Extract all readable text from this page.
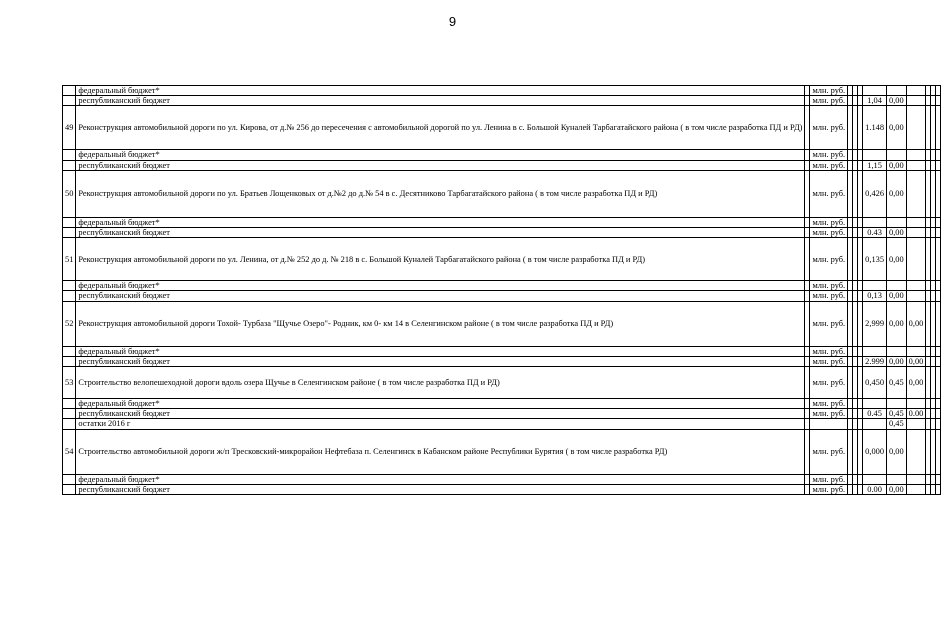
9
	федеральный бюджет*		млн. руб.									
	республиканский бюджет		млн. руб.				1,04	0,00				
49	Реконструкция автомобильной дороги по ул. Кирова, от д.№ 256 до пересечения с автомобильной дорогой по ул. Ленина в с. Большой Куналей Тарбагатайского района ( в том числе разработка ПД и РД)		млн. руб.				1.148	0,00				
	федеральный бюджет*		млн. руб.									
	республиканский бюджет		млн. руб.				1,15	0,00				
50	Реконструкция автомобильной дороги по ул. Братьев Лощенковых от д.№2 до д.№ 54 в с. Десятниково Тарбагатайского района ( в том числе разработка ПД и РД)		млн. руб.				0,426	0,00				
	федеральный бюджет*		млн. руб.									
	республиканский бюджет		млн. руб.				0.43	0,00				
51	Реконструкция автомобильной дороги по ул. Ленина, от д.№ 252 до д. № 218 в с. Большой Куналей Тарбагатайского района ( в том числе разработка ПД и РД)		млн. руб.				0,135	0,00				
	федеральный бюджет*		млн. руб.									
	республиканский бюджет		млн. руб.				0,13	0,00				
52	Реконструкция автомобильной дороги Тохой- Турбаза "Щучье Озеро"- Родник, км 0- км 14 в Селенгинском районе ( в том числе разработка ПД и РД)		млн. руб.				2,999	0,00	0,00			
	федеральный бюджет*		млн. руб.									
	республиканский бюджет		млн. руб.				2.999	0,00	0,00			
53	Строительство велопешеходной дороги вдоль озера Щучье в Селенгинском районе ( в том числе разработка ПД и РД)		млн. руб.				0,450	0,45	0,00			
	федеральный бюджет*		млн. руб.									
	республиканский бюджет		млн. руб.				0.45	0,45	0.00			
	остатки 2016 г							0,45				
54	Строительство автомобильной дороги ж/п Тресковский-микрорайон Нефтебаза п. Селенгинск в Кабанском районе Республики Бурятия ( в том числе разработка РД)		млн. руб.				0,000	0,00				
	федеральный бюджет*		млн. руб.									
	республиканский бюджет		млн. руб.				0.00	0,00				
